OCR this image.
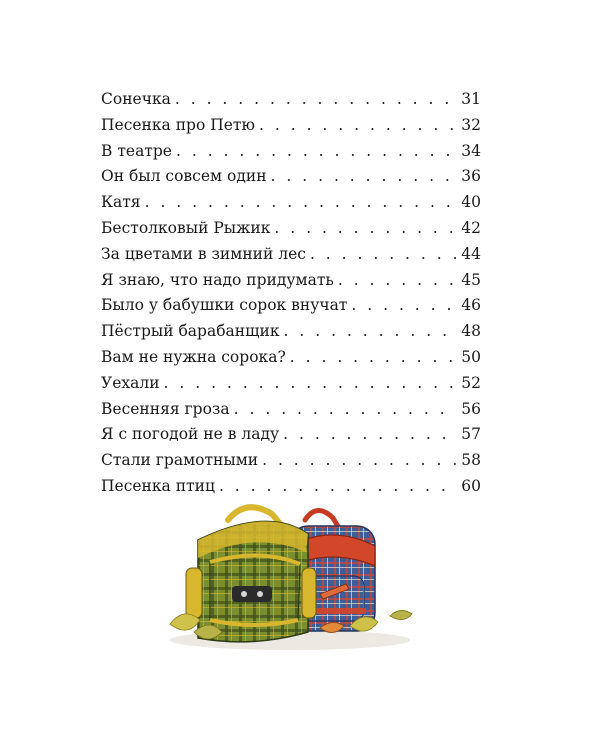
Сонечка . . .	31
Песенка про Петю . . .	32
В театре . . .	34
Он был совсем один . . .	36
Катя . . .	40
Бестолковый Рыжик . . .	42
За цветами в зимний лес . . .	44
Я знаю, что надо придумать . . .	45
Было у бабушки сорок внучат . . .	46
Пёстрый барабанщик . . .	48
Вам не нужна сорока? . . .	50
Уехали . . .	52
Весенняя гроза . . .	56
Я с погодой не в ладу . . .	57
Стали грамотными . . .	58
Песенка птиц . . .	60
